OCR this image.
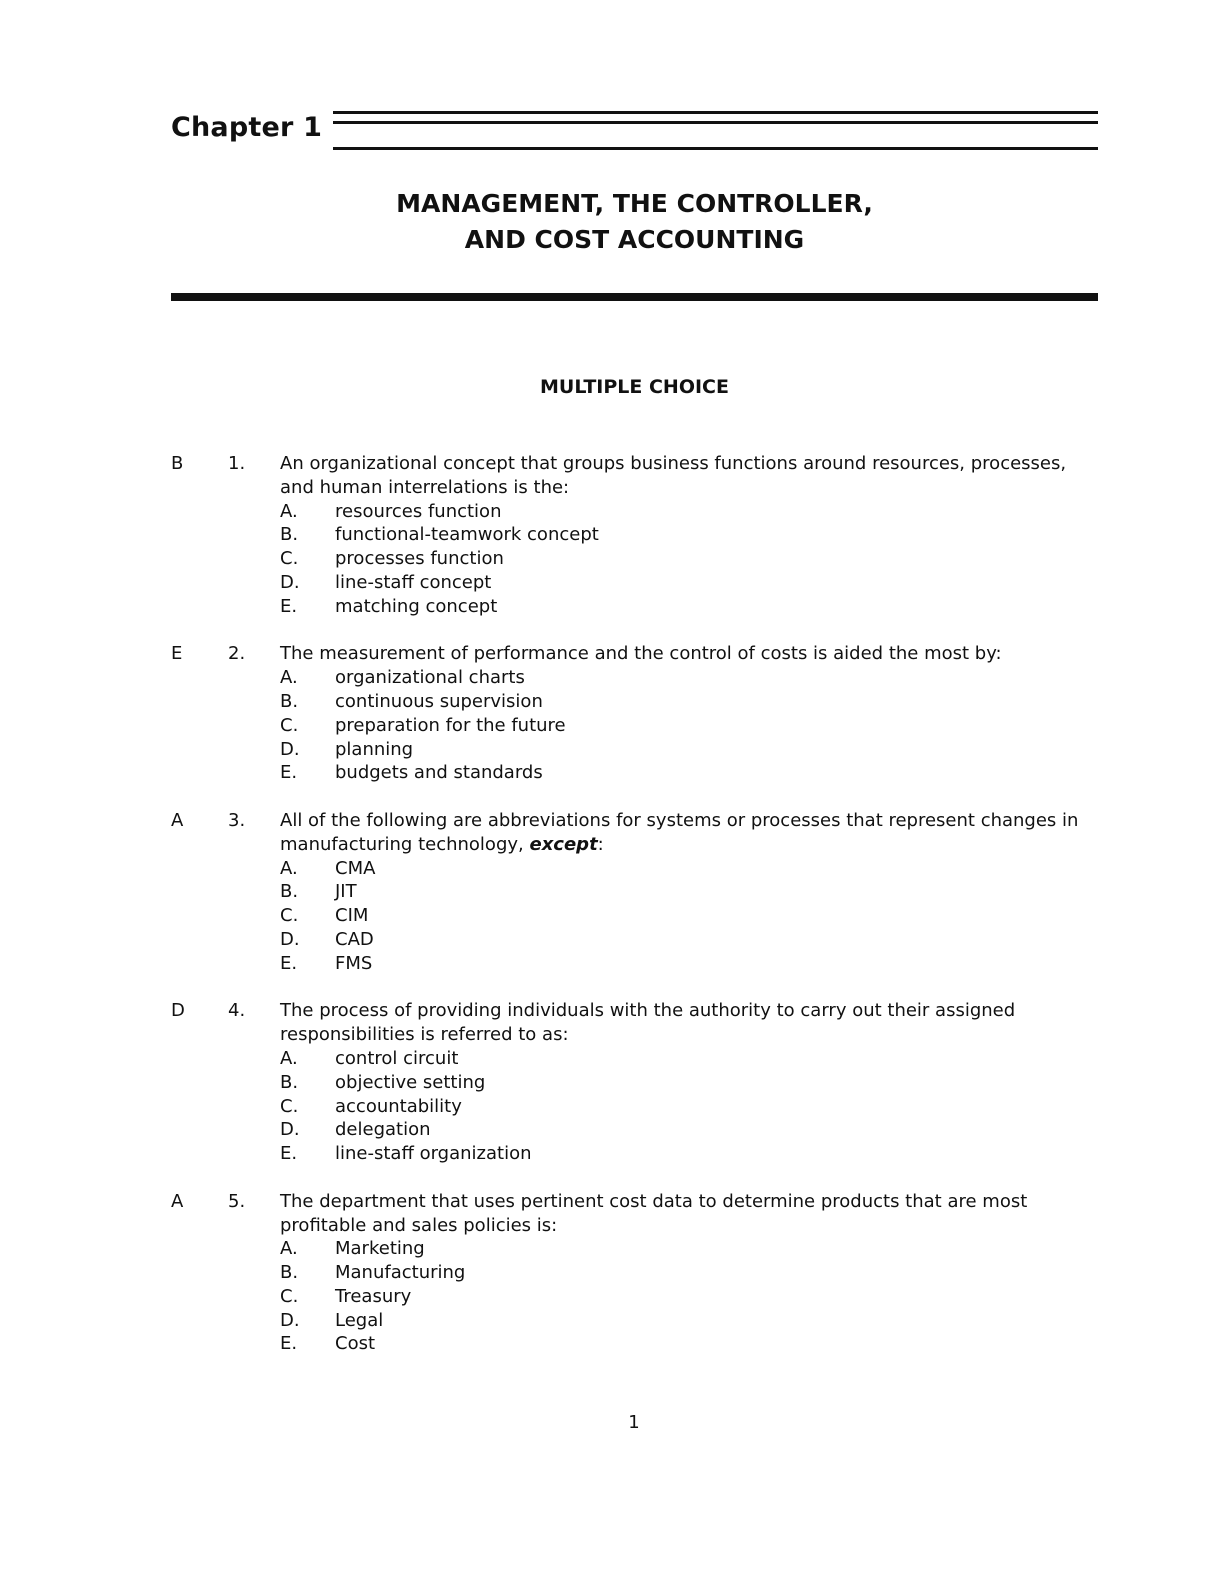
Chapter 1
MANAGEMENT, THE CONTROLLER,
AND COST ACCOUNTING
MULTIPLE CHOICE
B 1. An organizational concept that groups business functions around resources, processes, and human interrelations is the:
A. resources function
B. functional-teamwork concept
C. processes function
D. line-staff concept
E. matching concept
E	2. The measurement of performance and the control of costs is aided the most by:
A. organizational charts
B. continuous supervision
C. preparation for the future
D. planning
E. budgets and standards
A 3. All of the following are abbreviations for systems or processes that represent changes in manufacturing technology, except:
A. CMA
B. JIT
C. CIM
D. CAD
E. FMS
D 4. The process of providing individuals with the authority to carry out their assigned responsibilities is referred to as:
A. control circuit
B. objective setting
C. accountability
D. delegation
E. line-staff organization
A 5. The department that uses pertinent cost data to determine products that are most profitable and sales policies is:
A. Marketing
B. Manufacturing
C. Treasury
D. Legal
E. Cost
1
